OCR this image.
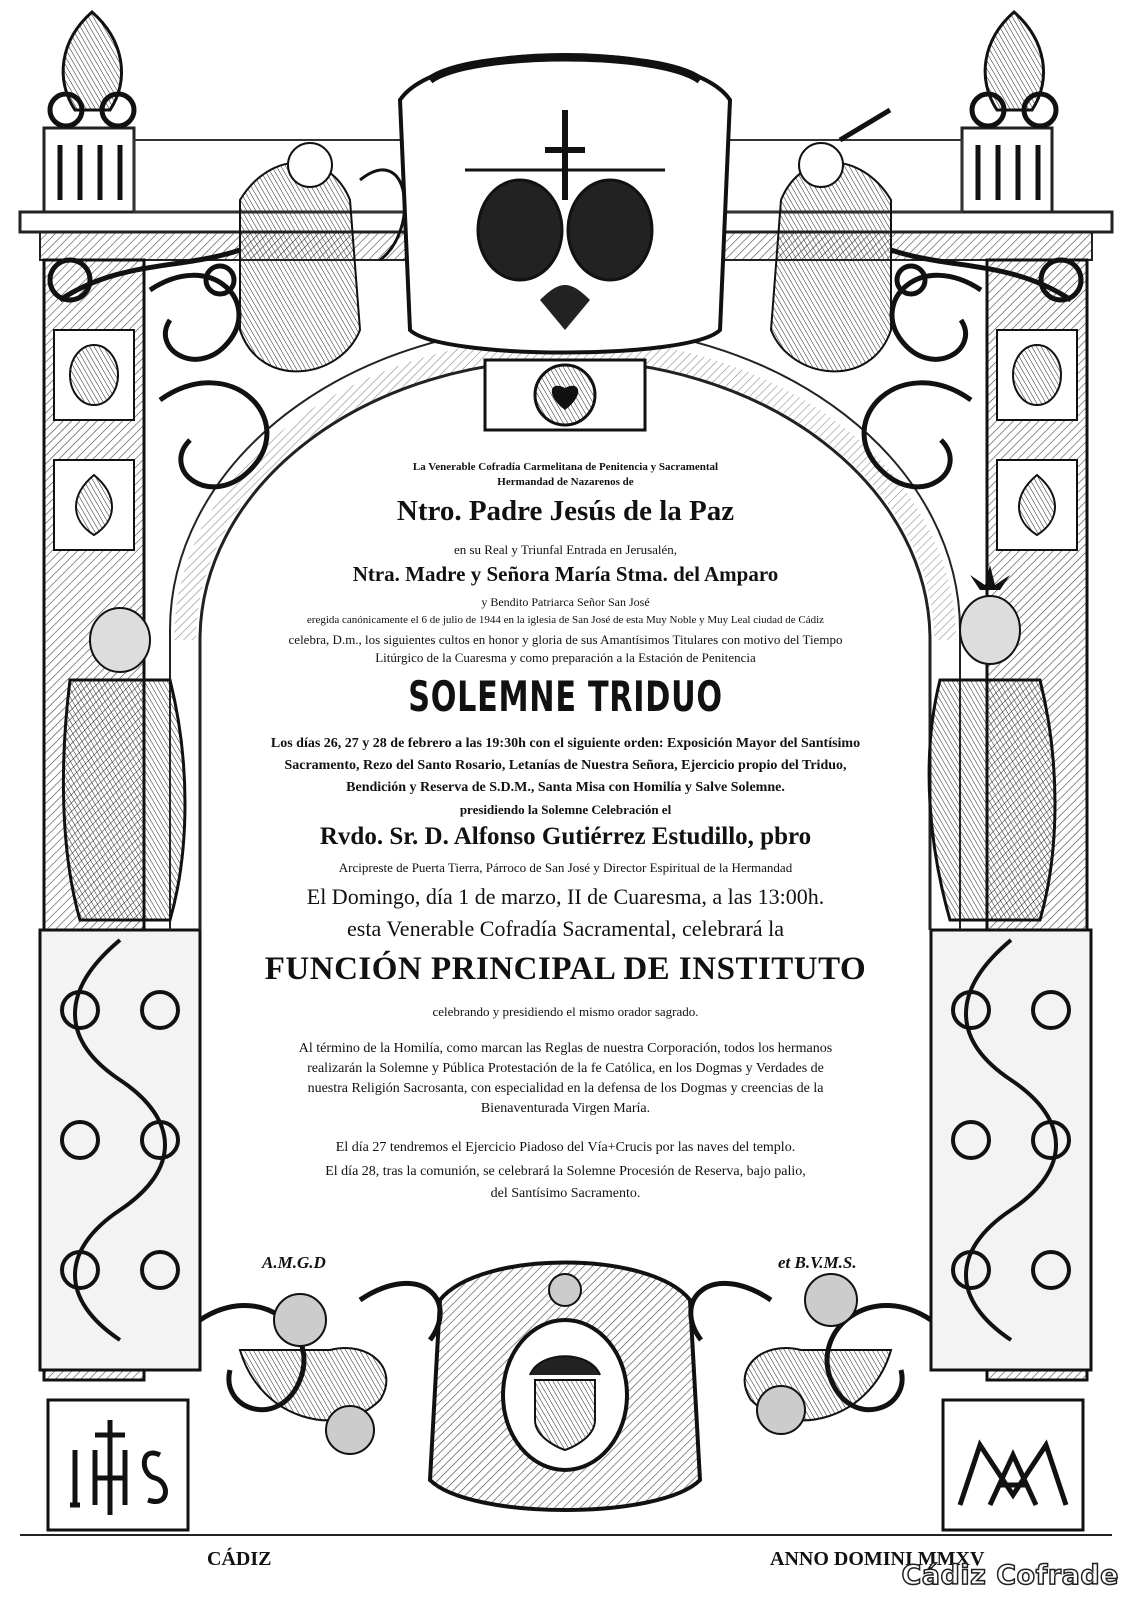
La Venerable Cofradía Carmelitana de Penitencia y Sacramental
Hermandad de Nazarenos de
Ntro. Padre Jesús de la Paz
en su Real y Triunfal Entrada en Jerusalén,
Ntra. Madre y Señora María Stma. del Amparo
y Bendito Patriarca Señor San José
eregida canónicamente el 6 de julio de 1944 en la iglesia de San José de esta Muy Noble y Muy Leal ciudad de Cádiz
celebra, D.m., los siguientes cultos en honor y gloria de sus Amantísimos Titulares con motivo del Tiempo
Litúrgico de la Cuaresma y como preparación a la Estación de Penitencia
SOLEMNE TRIDUO
Los días 26, 27 y 28 de febrero a las 19:30h con el siguiente orden: Exposición Mayor del Santísimo
Sacramento, Rezo del Santo Rosario, Letanías de Nuestra Señora, Ejercicio propio del Triduo,
Bendición y Reserva de S.D.M., Santa Misa con Homilía y Salve Solemne.
presidiendo la Solemne Celebración el
Rvdo. Sr. D. Alfonso Gutiérrez Estudillo, pbro
Arcipreste de Puerta Tierra, Párroco de San José y Director Espiritual de la Hermandad
El Domingo, día 1 de marzo, II de Cuaresma, a las 13:00h.
esta Venerable Cofradía Sacramental, celebrará la
FUNCIÓN PRINCIPAL DE INSTITUTO
celebrando y presidiendo el mismo orador sagrado.
Al término de la Homilía, como marcan las Reglas de nuestra Corporación, todos los hermanos
realizarán la Solemne y Pública Protestación de la fe Católica, en los Dogmas y Verdades de
nuestra Religión Sacrosanta, con especialidad en la defensa de los Dogmas y creencias de la
Bienaventurada Virgen María.
El día 27 tendremos el Ejercicio Piadoso del Vía+Crucis por las naves del templo.
El día 28, tras la comunión, se celebrará la Solemne Procesión de Reserva, bajo palio,
del Santísimo Sacramento.
A.M.G.D	et B.V.M.S.
CÁDIZ	ANNO DOMINI MMXV
Cádiz Cofrade
